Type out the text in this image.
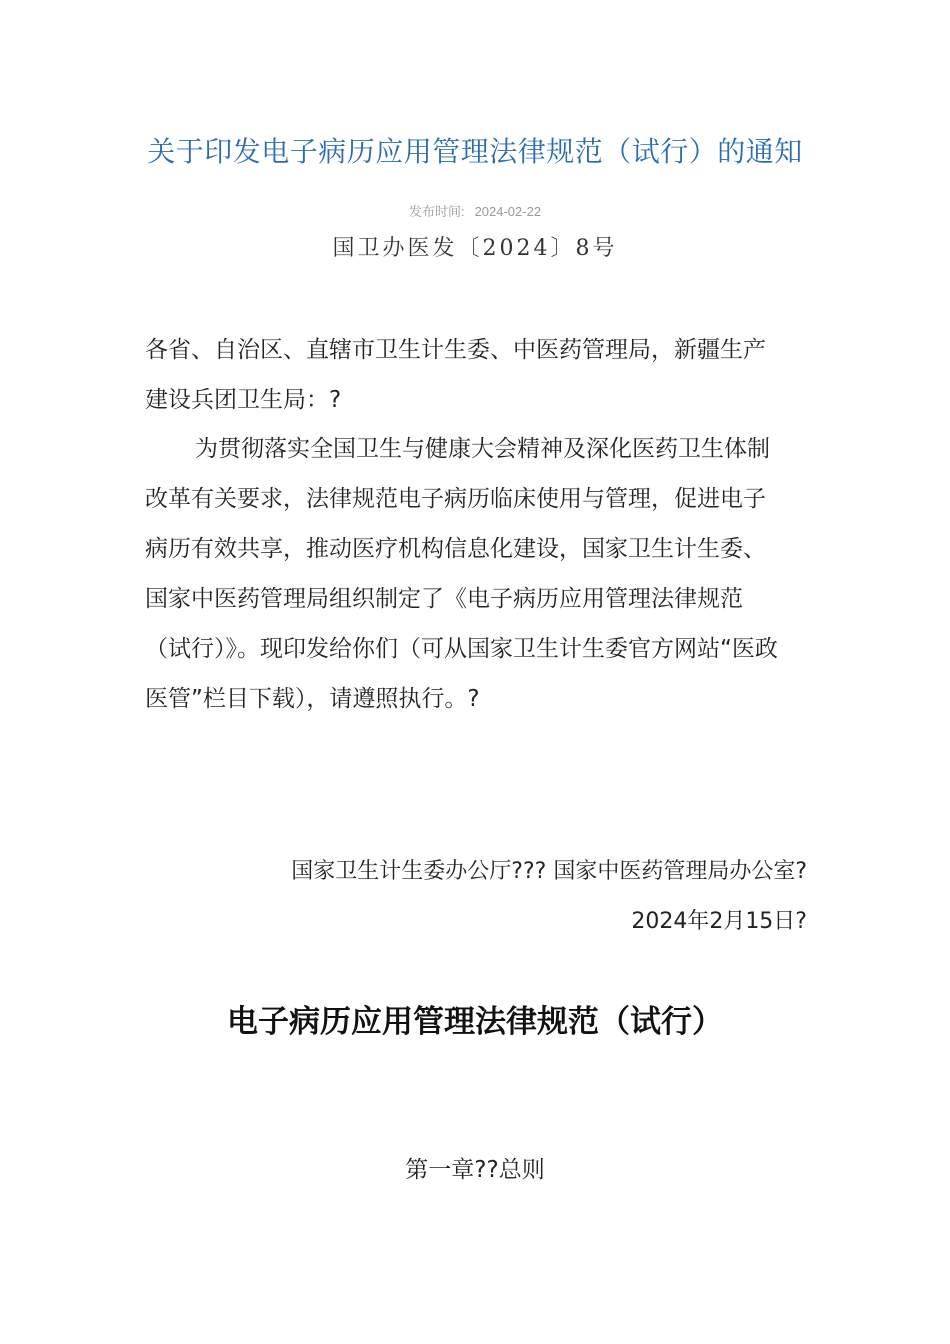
关于印发电子病历应用管理法律规范（试行）的通知
发布时间: 2024-02-22
国卫办医发〔2024〕8号

各省、自治区、直辖市卫生计生委、中医药管理局，新疆生产建设兵团卫生局：?

为贯彻落实全国卫生与健康大会精神及深化医药卫生体制改革有关要求，法律规范电子病历临床使用与管理，促进电子病历有效共享，推动医疗机构信息化建设，国家卫生计生委、国家中医药管理局组织制定了《电子病历应用管理法律规范（试行）》。现印发给你们（可从国家卫生计生委官方网站“医政医管”栏目下载），请遵照执行。?

国家卫生计生委办公厅??? 国家中医药管理局办公室?
2024年2月15日?
电子病历应用管理法律规范（试行）
第一章??总则
